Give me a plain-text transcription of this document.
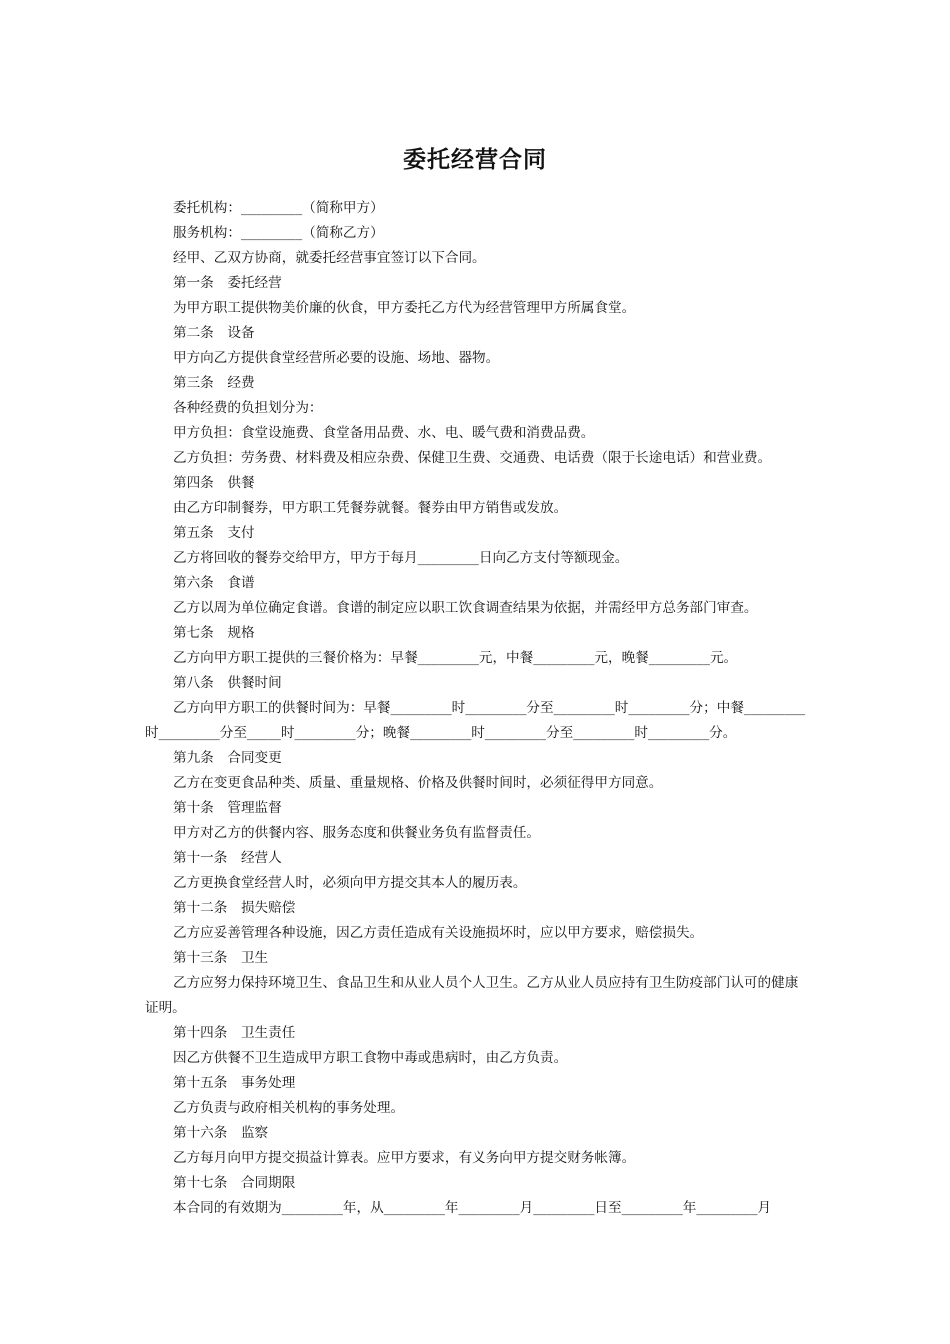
委托经营合同

委托机构：_________（简称甲方）

服务机构：_________（简称乙方）

经甲、乙双方协商，就委托经营事宜签订以下合同。

第一条　委托经营

为甲方职工提供物美价廉的伙食，甲方委托乙方代为经营管理甲方所属食堂。

第二条　设备

甲方向乙方提供食堂经营所必要的设施、场地、器物。

第三条　经费

各种经费的负担划分为：

甲方负担：食堂设施费、食堂备用品费、水、电、暖气费和消费品费。

乙方负担：劳务费、材料费及相应杂费、保健卫生费、交通费、电话费（限于长途电话）和营业费。

第四条　供餐

由乙方印制餐券，甲方职工凭餐券就餐。餐券由甲方销售或发放。

第五条　支付

乙方将回收的餐券交给甲方，甲方于每月_________日向乙方支付等额现金。

第六条　食谱

乙方以周为单位确定食谱。食谱的制定应以职工饮食调查结果为依据，并需经甲方总务部门审查。

第七条　规格

乙方向甲方职工提供的三餐价格为：早餐_________元，中餐_________元，晚餐_________元。

第八条　供餐时间

乙方向甲方职工的供餐时间为：早餐_________时_________分至_________时_________分；中餐_________时_________分至_____时_________分；晚餐_________时_________分至_________时_________分。

第九条　合同变更

乙方在变更食品种类、质量、重量规格、价格及供餐时间时，必须征得甲方同意。

第十条　管理监督

甲方对乙方的供餐内容、服务态度和供餐业务负有监督责任。

第十一条　经营人

乙方更换食堂经营人时，必须向甲方提交其本人的履历表。

第十二条　损失赔偿

乙方应妥善管理各种设施，因乙方责任造成有关设施损坏时，应以甲方要求，赔偿损失。

第十三条　卫生

乙方应努力保持环境卫生、食品卫生和从业人员个人卫生。乙方从业人员应持有卫生防疫部门认可的健康证明。

第十四条　卫生责任

因乙方供餐不卫生造成甲方职工食物中毒或患病时，由乙方负责。

第十五条　事务处理

乙方负责与政府相关机构的事务处理。

第十六条　监察

乙方每月向甲方提交损益计算表。应甲方要求，有义务向甲方提交财务帐簿。

第十七条　合同期限

本合同的有效期为_________年，从_________年_________月_________日至_________年_________月
